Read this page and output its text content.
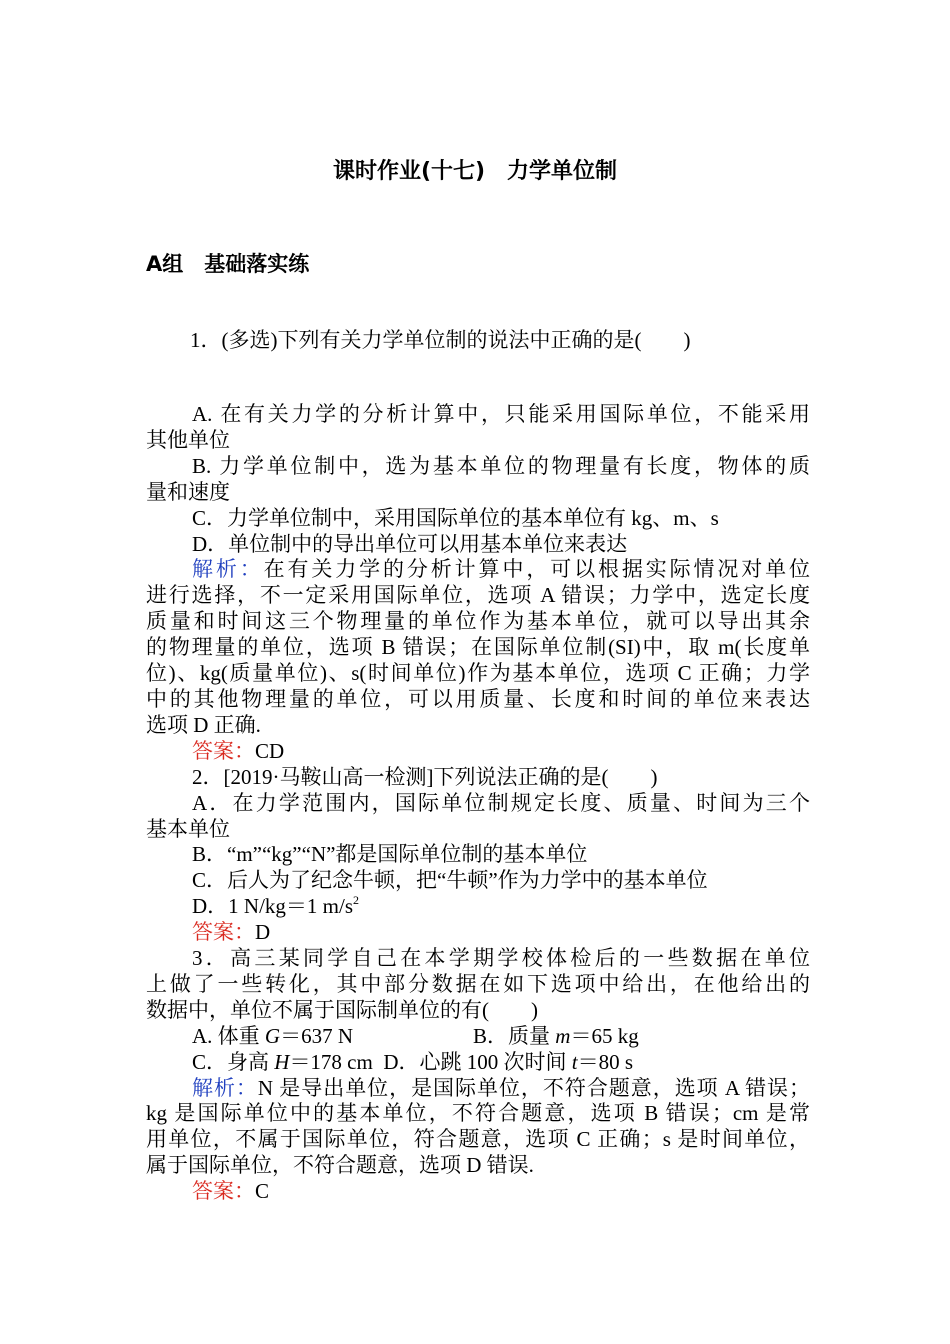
课时作业(十七)　力学单位制
A组　基础落实练
1．(多选)下列有关力学单位制的说法中正确的是(　　)
A. 在有关力学的分析计算中，只能采用国际单位，不能采用
其他单位
B. 力学单位制中，选为基本单位的物理量有长度，物体的质
量和速度
C．力学单位制中，采用国际单位的基本单位有 kg、m、s
D．单位制中的导出单位可以用基本单位来表达
解析：在有关力学的分析计算中，可以根据实际情况对单位
进行选择，不一定采用国际单位，选项 A 错误；力学中，选定长度
质量和时间这三个物理量的单位作为基本单位，就可以导出其余
的物理量的单位，选项 B 错误；在国际单位制(SI)中，取 m(长度单
位)、kg(质量单位)、s(时间单位)作为基本单位，选项 C 正确；力学
中的其他物理量的单位，可以用质量、长度和时间的单位来表达
选项 D 正确.
答案：CD
2．[2019·马鞍山高一检测]下列说法正确的是(　　)
A．在力学范围内，国际单位制规定长度、质量、时间为三个
基本单位
B．“m”“kg”“N”都是国际单位制的基本单位
C．后人为了纪念牛顿，把“牛顿”作为力学中的基本单位
D．1 N/kg＝1 $m/s^2$
答案：D
3．高三某同学自己在本学期学校体检后的一些数据在单位
上做了一些转化，其中部分数据在如下选项中给出，在他给出的
数据中，单位不属于国际制单位的有(　　)
A. 体重 G＝637 N	B．质量 m＝65 kg
C．身高 H＝178 cm D．心跳 100 次时间 t＝80 s
解析：N 是导出单位，是国际单位，不符合题意，选项 A 错误；
kg 是国际单位中的基本单位，不符合题意，选项 B 错误；cm 是常
用单位，不属于国际单位，符合题意，选项 C 正确；s 是时间单位，
属于国际单位，不符合题意，选项 D 错误.
答案：C
